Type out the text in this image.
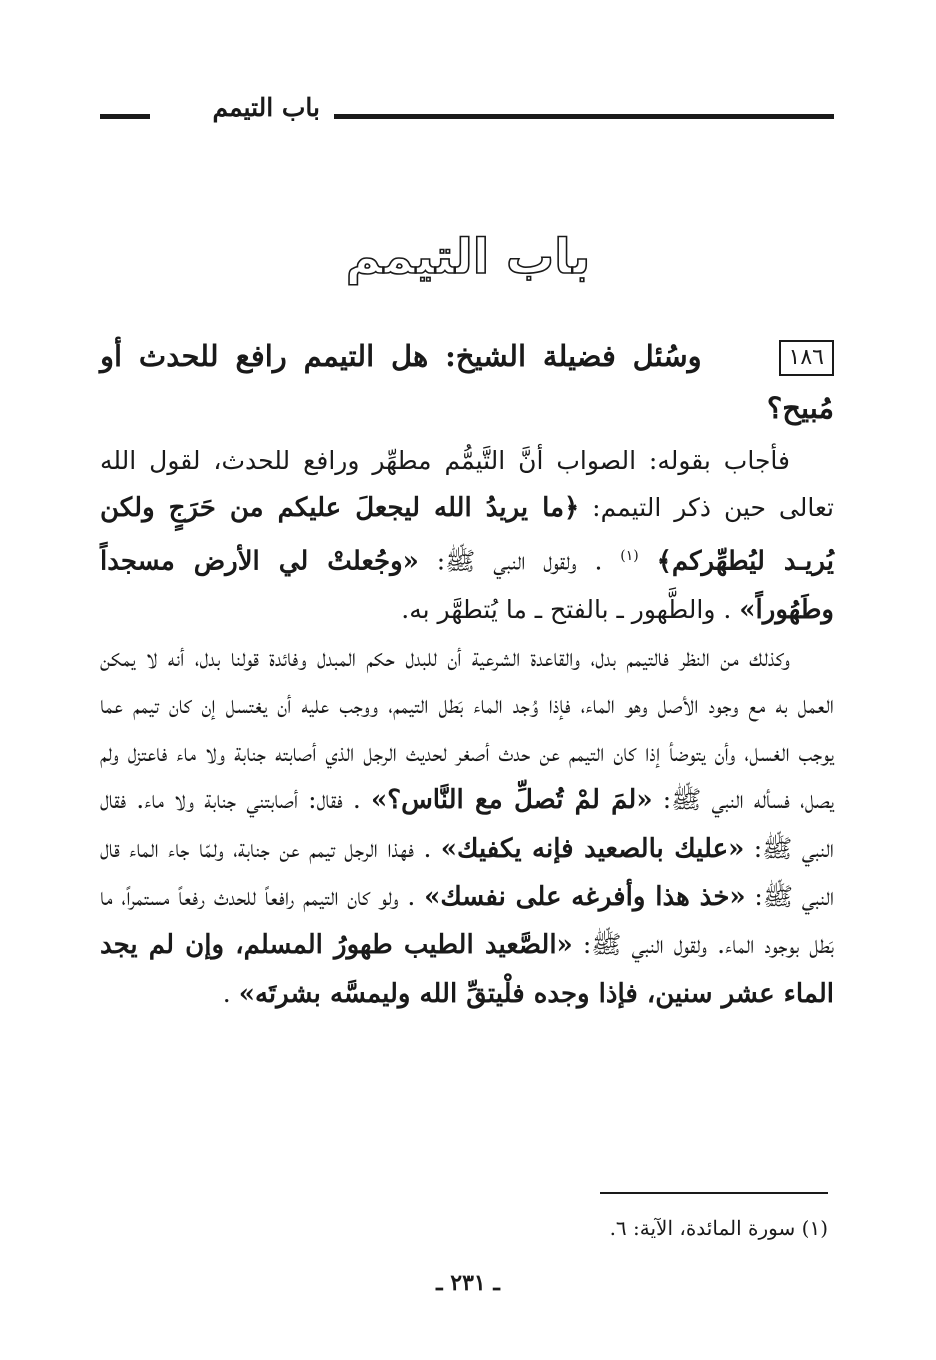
باب التيمم
باب التيمم
١٨٦ وسُئل فضيلة الشيخ: هل التيمم رافع للحدث أو مُبيح؟

فأجاب بقوله: الصواب أنَّ التَّيمُّم مطهِّر ورافع للحدث، لقول الله تعالى حين ذكر التيمم: ﴿ما يريدُ الله ليجعلَ عليكم من حَرَجٍ ولكن يُريـد ليُطهِّركم﴾ $^{(١)}$ . ولقول النبي ﷺ: «وجُعلتْ لي الأرض مسجداً وطَهُوراً» . والطَّهور ـ بالفتح ـ ما يُتطهَّر به.

وكذلك من النظر فالتيمم بدل، والقاعدة الشرعية أن للبدل حكم المبدل وفائدة قولنا بدل، أنه لا يمكن العمل به مع وجود الأصل وهو الماء، فإذا وُجد الماء بَطل التيمم، ووجب عليه أن يغتسل إن كان تيمم عما يوجب الغسل، وأن يتوضأ إذا كان التيمم عن حدث أصغر لحديث الرجل الذي أصابته جنابة ولا ماء فاعتزل ولم يصل، فسأله النبي ﷺ: «لمَ لمْ تُصلِّ مع النَّاس؟» . فقال: أصابتني جنابة ولا ماء. فقال النبي ﷺ: «عليك بالصعيد فإنه يكفيك» . فهذا الرجل تيمم عن جنابة، ولمّا جاء الماء قال النبي ﷺ: «خذ هذا وأفرغه على نفسك» . ولو كان التيمم رافعاً للحدث رفعاً مستمراً، ما بَطل بوجود الماء. ولقول النبي ﷺ: «الصَّعيد الطيب طهورُ المسلم، وإن لم يجد الماء عشر سنين، فإذا وجده فلْيتقِّ الله وليمسَّه بشرتَه» .

(١) سورة المائدة، الآية: ٦.
ـ ٢٣١ ـ
